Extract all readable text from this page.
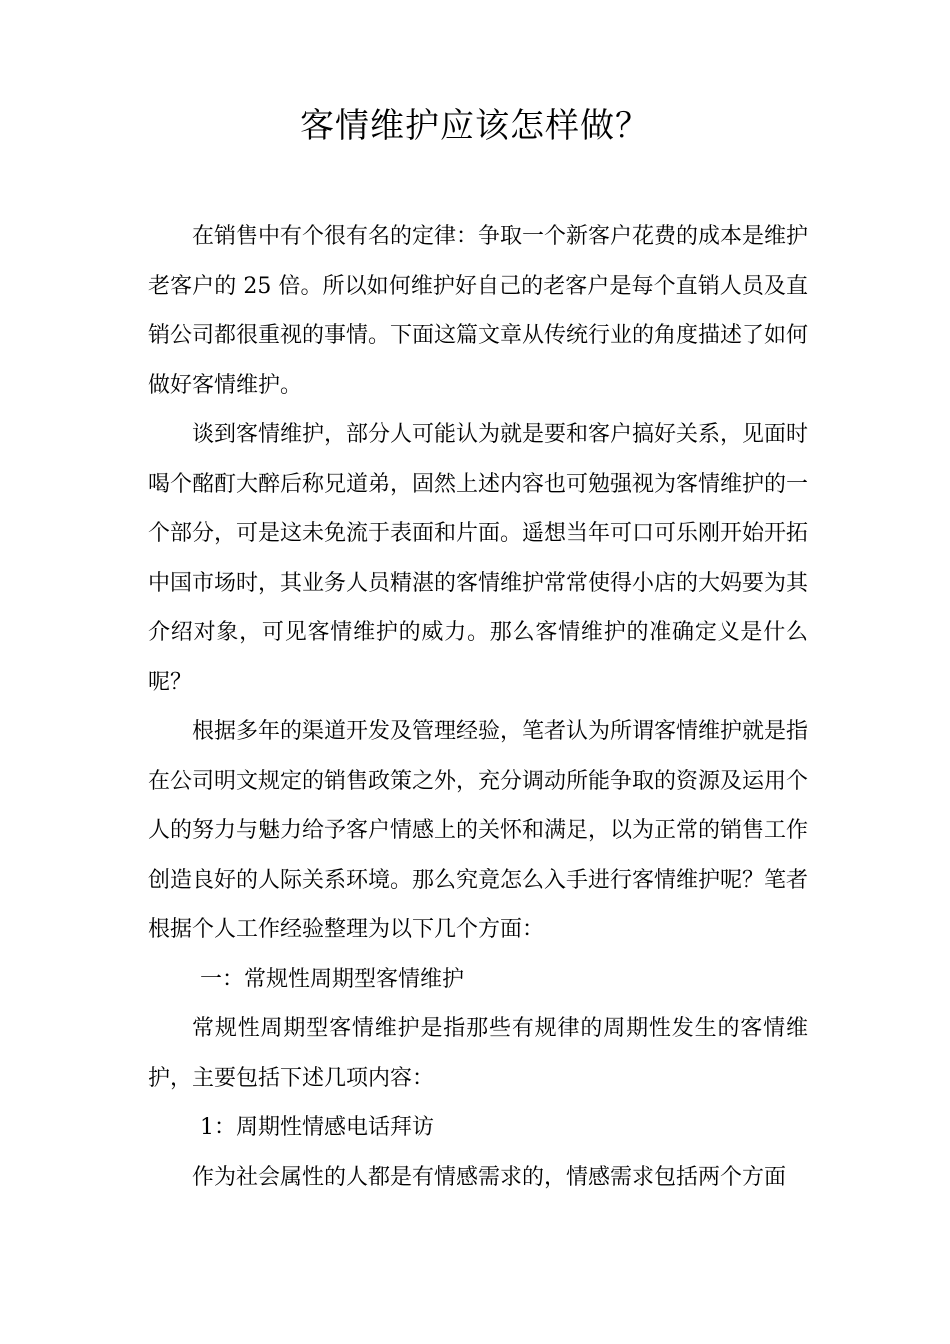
客情维护应该怎样做？

在销售中有个很有名的定律：争取一个新客户花费的成本是维护老客户的 25 倍。所以如何维护好自己的老客户是每个直销人员及直销公司都很重视的事情。下面这篇文章从传统行业的角度描述了如何做好客情维护。

谈到客情维护，部分人可能认为就是要和客户搞好关系，见面时喝个酩酊大醉后称兄道弟，固然上述内容也可勉强视为客情维护的一个部分，可是这未免流于表面和片面。遥想当年可口可乐刚开始开拓中国市场时，其业务人员精湛的客情维护常常使得小店的大妈要为其介绍对象，可见客情维护的威力。那么客情维护的准确定义是什么呢？

根据多年的渠道开发及管理经验，笔者认为所谓客情维护就是指在公司明文规定的销售政策之外，充分调动所能争取的资源及运用个人的努力与魅力给予客户情感上的关怀和满足，以为正常的销售工作创造良好的人际关系环境。那么究竟怎么入手进行客情维护呢？笔者根据个人工作经验整理为以下几个方面：

一：常规性周期型客情维护

常规性周期型客情维护是指那些有规律的周期性发生的客情维护，主要包括下述几项内容：

1：周期性情感电话拜访

作为社会属性的人都是有情感需求的，情感需求包括两个方面
